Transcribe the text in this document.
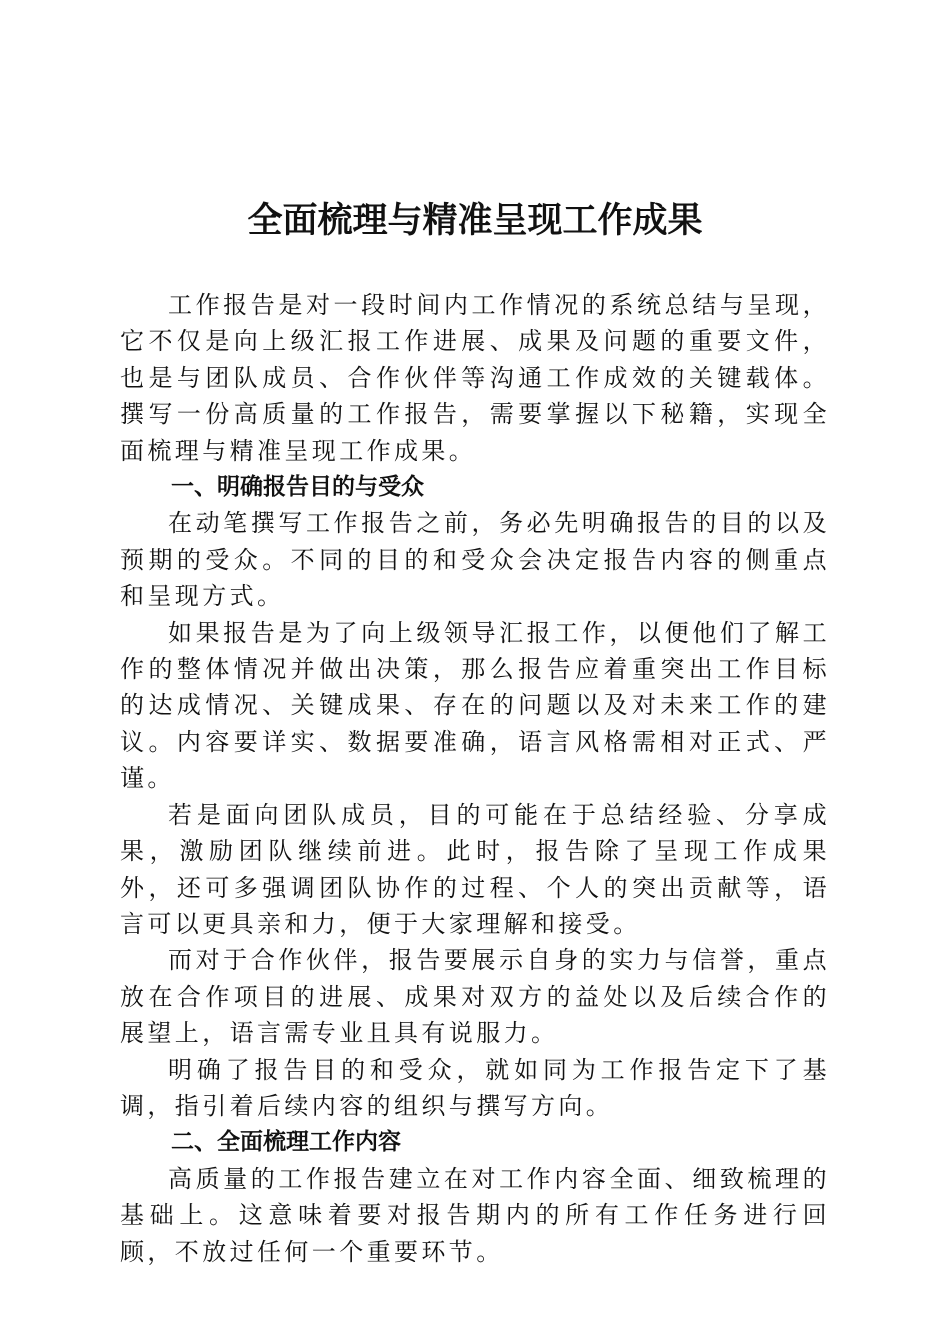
全面梳理与精准呈现工作成果

工作报告是对一段时间内工作情况的系统总结与呈现，它不仅是向上级汇报工作进展、成果及问题的重要文件，也是与团队成员、合作伙伴等沟通工作成效的关键载体。撰写一份高质量的工作报告，需要掌握以下秘籍，实现全面梳理与精准呈现工作成果。

一、明确报告目的与受众

在动笔撰写工作报告之前，务必先明确报告的目的以及预期的受众。不同的目的和受众会决定报告内容的侧重点和呈现方式。

如果报告是为了向上级领导汇报工作，以便他们了解工作的整体情况并做出决策，那么报告应着重突出工作目标的达成情况、关键成果、存在的问题以及对未来工作的建议。内容要详实、数据要准确，语言风格需相对正式、严谨。

若是面向团队成员，目的可能在于总结经验、分享成果，激励团队继续前进。此时，报告除了呈现工作成果外，还可多强调团队协作的过程、个人的突出贡献等，语言可以更具亲和力，便于大家理解和接受。

而对于合作伙伴，报告要展示自身的实力与信誉，重点放在合作项目的进展、成果对双方的益处以及后续合作的展望上，语言需专业且具有说服力。

明确了报告目的和受众，就如同为工作报告定下了基调，指引着后续内容的组织与撰写方向。

二、全面梳理工作内容

高质量的工作报告建立在对工作内容全面、细致梳理的基础上。这意味着要对报告期内的所有工作任务进行回顾，不放过任何一个重要环节。
